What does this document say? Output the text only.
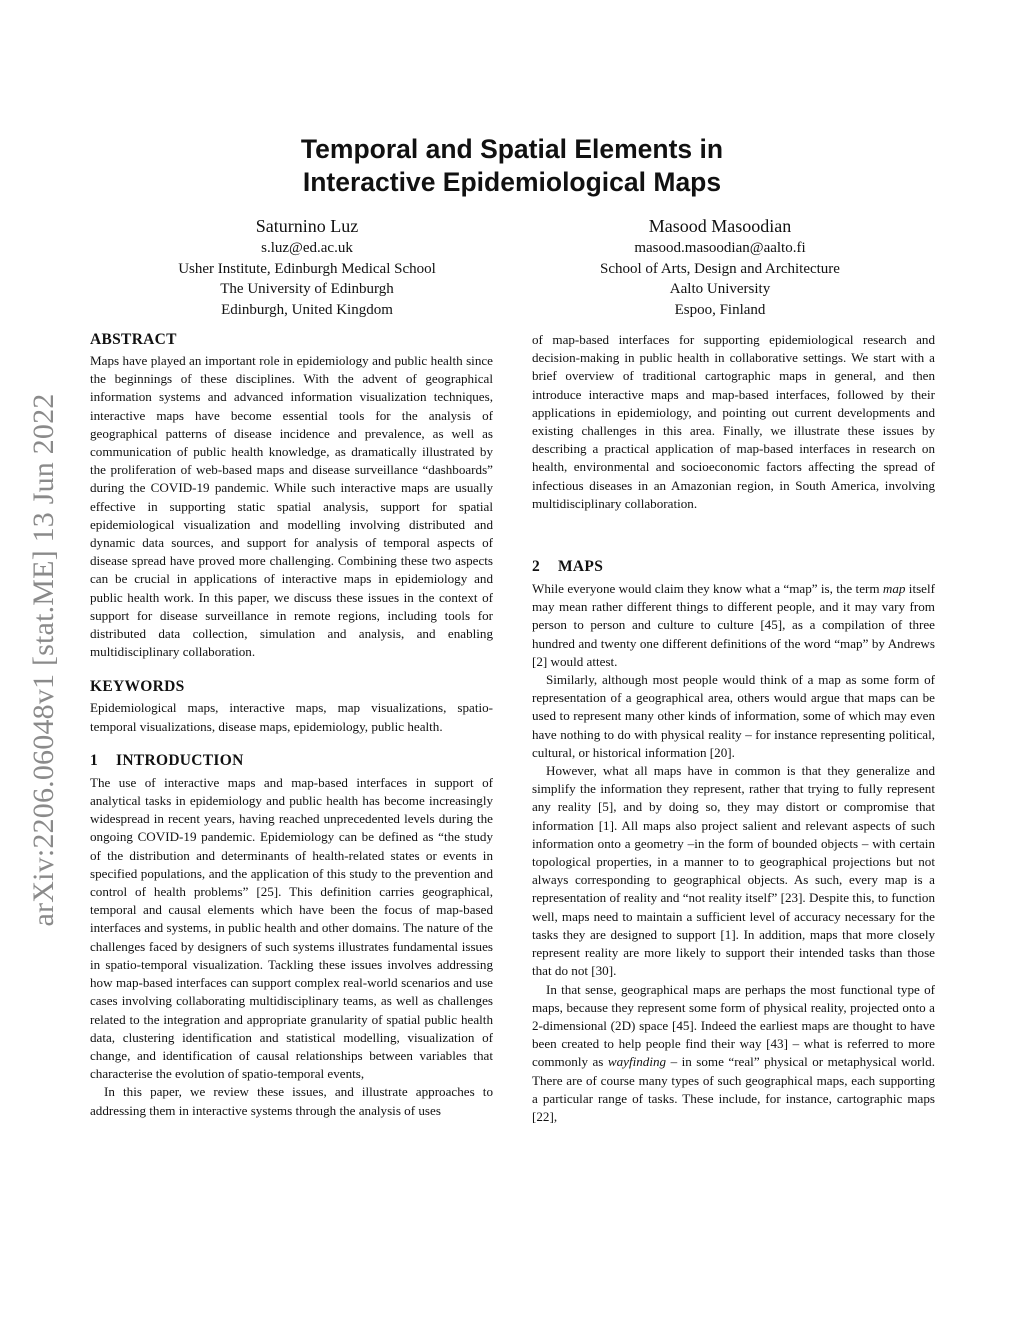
arXiv:2206.06048v1 [stat.ME] 13 Jun 2022
Temporal and Spatial Elements in
Interactive Epidemiological Maps
Saturnino Luz
s.luz@ed.ac.uk
Usher Institute, Edinburgh Medical School
The University of Edinburgh
Edinburgh, United Kingdom
Masood Masoodian
masood.masoodian@aalto.fi
School of Arts, Design and Architecture
Aalto University
Espoo, Finland
ABSTRACT

Maps have played an important role in epidemiology and public health since the beginnings of these disciplines. With the advent of geographical information systems and advanced information visualization techniques, interactive maps have become essential tools for the analysis of geographical patterns of disease incidence and prevalence, as well as communication of public health knowledge, as dramatically illustrated by the proliferation of web-based maps and disease surveillance “dashboards” during the COVID-19 pandemic. While such interactive maps are usually effective in supporting static spatial analysis, support for spatial epidemiological visualization and modelling involving distributed and dynamic data sources, and support for analysis of temporal aspects of disease spread have proved more challenging. Combining these two aspects can be crucial in applications of interactive maps in epidemiology and public health work. In this paper, we discuss these issues in the context of support for disease surveillance in remote regions, including tools for distributed data collection, simulation and analysis, and enabling multidisciplinary collaboration.

KEYWORDS

Epidemiological maps, interactive maps, map visualizations, spatio-temporal visualizations, disease maps, epidemiology, public health.

1 INTRODUCTION

The use of interactive maps and map-based interfaces in support of analytical tasks in epidemiology and public health has become increasingly widespread in recent years, having reached unprecedented levels during the ongoing COVID-19 pandemic. Epidemiology can be defined as “the study of the distribution and determinants of health-related states or events in specified populations, and the application of this study to the prevention and control of health problems” [25]. This definition carries geographical, temporal and causal elements which have been the focus of map-based interfaces and systems, in public health and other domains. The nature of the challenges faced by designers of such systems illustrates fundamental issues in spatio-temporal visualization. Tackling these issues involves addressing how map-based interfaces can support complex real-world scenarios and use cases involving collaborating multidisciplinary teams, as well as challenges related to the integration and appropriate granularity of spatial public health data, clustering identification and statistical modelling, visualization of change, and identification of causal relationships between variables that characterise the evolution of spatio-temporal events,

In this paper, we review these issues, and illustrate approaches to addressing them in interactive systems through the analysis of uses

of map-based interfaces for supporting epidemiological research and decision-making in public health in collaborative settings. We start with a brief overview of traditional cartographic maps in general, and then introduce interactive maps and map-based interfaces, followed by their applications in epidemiology, and pointing out current developments and existing challenges in this area. Finally, we illustrate these issues by describing a practical application of map-based interfaces in research on health, environmental and socioeconomic factors affecting the spread of infectious diseases in an Amazonian region, in South America, involving multidisciplinary collaboration.

2 MAPS

While everyone would claim they know what a “map” is, the term map itself may mean rather different things to different people, and it may vary from person to person and culture to culture [45], as a compilation of three hundred and twenty one different definitions of the word “map” by Andrews [2] would attest.

Similarly, although most people would think of a map as some form of representation of a geographical area, others would argue that maps can be used to represent many other kinds of information, some of which may even have nothing to do with physical reality – for instance representing political, cultural, or historical information [20].

However, what all maps have in common is that they generalize and simplify the information they represent, rather that trying to fully represent any reality [5], and by doing so, they may distort or compromise that information [1]. All maps also project salient and relevant aspects of such information onto a geometry –in the form of bounded objects – with certain topological properties, in a manner to to geographical projections but not always corresponding to geographical objects. As such, every map is a representation of reality and “not reality itself” [23]. Despite this, to function well, maps need to maintain a sufficient level of accuracy necessary for the tasks they are designed to support [1]. In addition, maps that more closely represent reality are more likely to support their intended tasks than those that do not [30].

In that sense, geographical maps are perhaps the most functional type of maps, because they represent some form of physical reality, projected onto a 2-dimensional (2D) space [45]. Indeed the earliest maps are thought to have been created to help people find their way [43] – what is referred to more commonly as wayfinding – in some “real” physical or metaphysical world. There are of course many types of such geographical maps, each supporting a particular range of tasks. These include, for instance, cartographic maps [22],
